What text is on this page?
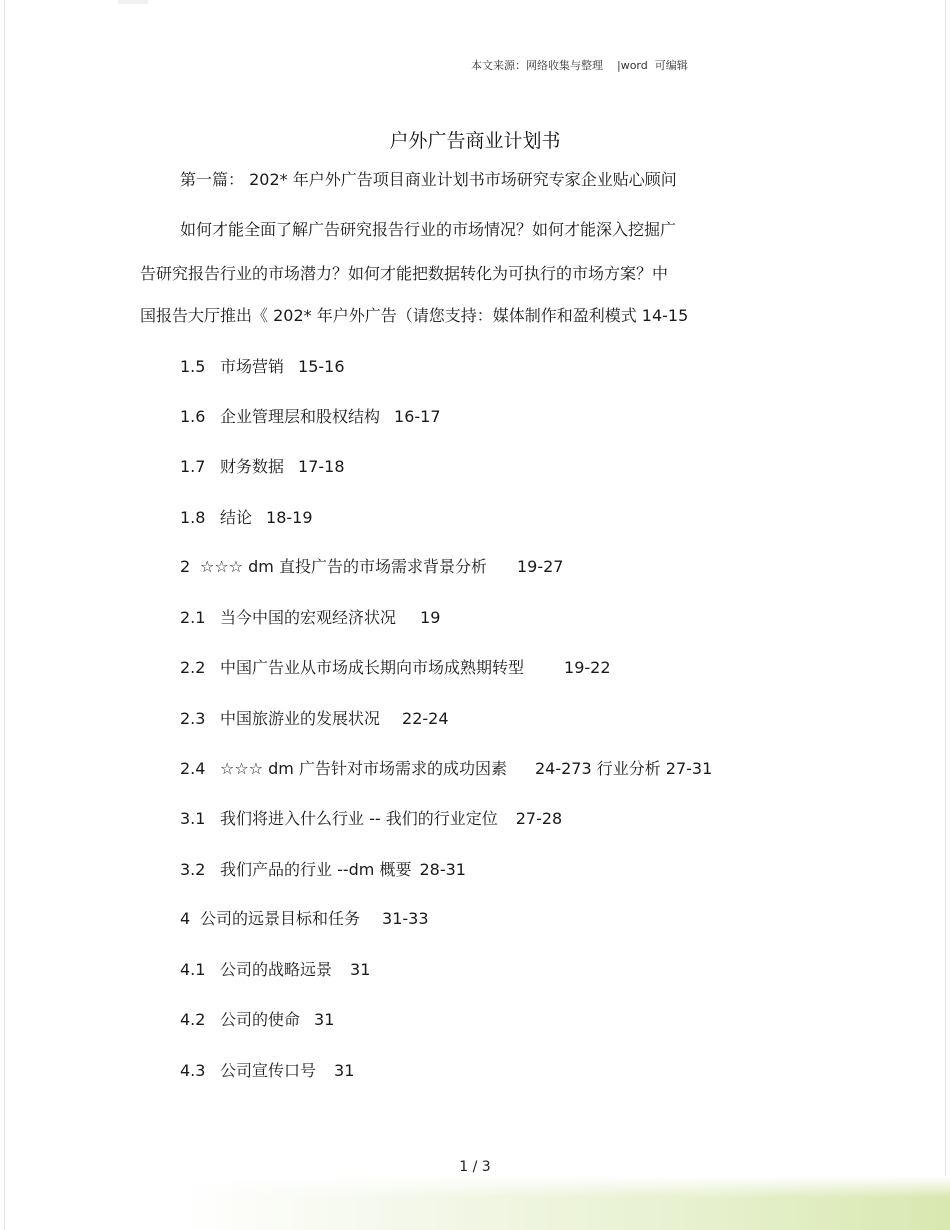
本文来源：网络收集与整理    |word  可编辑
户外广告商业计划书
第一篇： 202* 年户外广告项目商业计划书市场研究专家企业贴心顾问
如何才能全面了解广告研究报告行业的市场情况？如何才能深入挖掘广
告研究报告行业的市场潜力？如何才能把数据转化为可执行的市场方案？中
国报告大厅推出《 202* 年户外广告（请您支持：媒体制作和盈利模式 14-15
1.5 市场营销 15-16
1.6 企业管理层和股权结构 16-17
1.7 财务数据 17-18
1.8 结论 18-19
2 ☆☆☆ dm 直投广告的市场需求背景分析 19-27
2.1 当今中国的宏观经济状况 19
2.2 中国广告业从市场成长期向市场成熟期转型	19-22
2.3 中国旅游业的发展状况 22-24
2.4 ☆☆☆ dm 广告针对市场需求的成功因素 24-273 行业分析 27-31
3.1 我们将进入什么行业 -- 我们的行业定位 27-28
3.2 我们产品的行业 --dm 概要 28-31
4 公司的远景目标和任务 31-33
4.1 公司的战略远景 31
4.2 公司的使命 31
4.3 公司宣传口号 31
1 / 3
